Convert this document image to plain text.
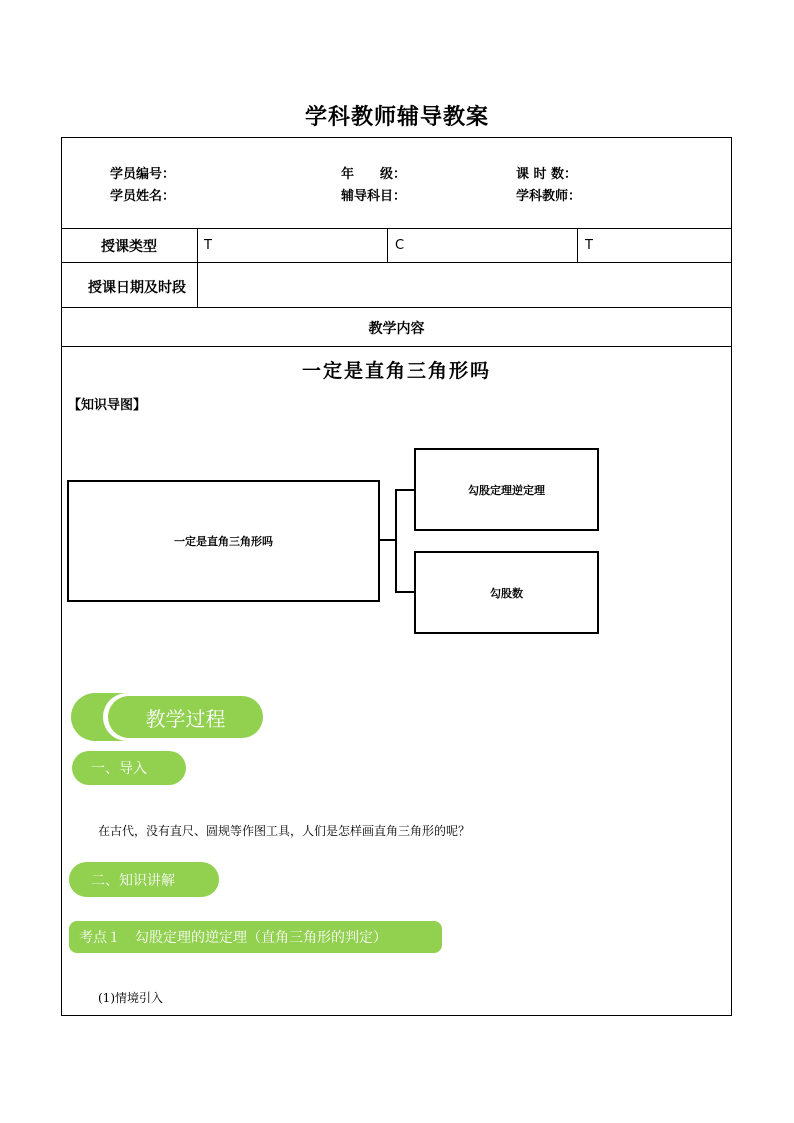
学科教师辅导教案
学员编号：	年　　级：	课 时 数：
学员姓名：	辅导科目：	学科教师：
授课类型	T	C	T
授课日期及时段
教学内容
一定是直角三角形吗
【知识导图】
一定是直角三角形吗
勾股定理逆定理
勾股数
教学过程
一、导入
在古代，没有直尺、圆规等作图工具，人们是怎样画直角三角形的呢？
二、知识讲解
考点１　勾股定理的逆定理（直角三角形的判定）
(1)情境引入
